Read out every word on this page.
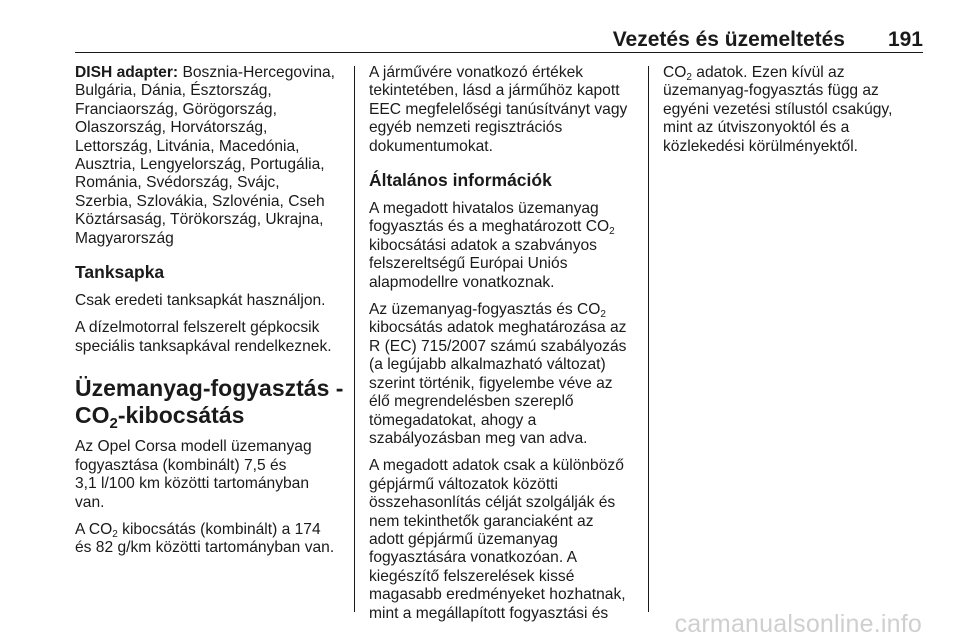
Vezetés és üzemeltetés 191

DISH adapter: Bosznia-Hercegovina,
Bulgária, Dánia, Észtország,
Franciaország, Görögország,
Olaszország, Horvátország,
Lettország, Litvánia, Macedónia,
Ausztria, Lengyelország, Portugália,
Románia, Svédország, Svájc,
Szerbia, Szlovákia, Szlovénia, Cseh
Köztársaság, Törökország, Ukrajna,
Magyarország

Tanksapka

Csak eredeti tanksapkát használjon.

A dízelmotorral felszerelt gépkocsik
speciális tanksapkával rendelkeznek.

Üzemanyag-fogyasztás -
$CO_2$-kibocsátás

Az Opel Corsa modell üzemanyag
fogyasztása (kombinált) 7,5 és
3,1 l/100 km közötti tartományban
van.

A $CO_2$ kibocsátás (kombinált) a 174
és 82 g/km közötti tartományban van.

A járművére vonatkozó értékek
tekintetében, lásd a járműhöz kapott
EEC megfelelőségi tanúsítványt vagy
egyéb nemzeti regisztrációs
dokumentumokat.

Általános információk

A megadott hivatalos üzemanyag
fogyasztás és a meghatározott $CO_2$
kibocsátási adatok a szabványos
felszereltségű Európai Uniós
alapmodellre vonatkoznak.

Az üzemanyag-fogyasztás és $CO_2$
kibocsátás adatok meghatározása az
R (EC) 715/2007 számú szabályozás
(a legújabb alkalmazható változat)
szerint történik, figyelembe véve az
élő megrendelésben szereplő
tömegadatokat, ahogy a
szabályozásban meg van adva.

A megadott adatok csak a különböző
gépjármű változatok közötti
összehasonlítás célját szolgálják és
nem tekinthetők garanciaként az
adott gépjármű üzemanyag
fogyasztására vonatkozóan. A
kiegészítő felszerelések kissé
magasabb eredményeket hozhatnak,
mint a megállapított fogyasztási és

$CO_2$ adatok. Ezen kívül az
üzemanyag-fogyasztás függ az
egyéni vezetési stílustól csakúgy,
mint az útviszonyoktól és a
közlekedési körülményektől.

carmanualsonline.info
